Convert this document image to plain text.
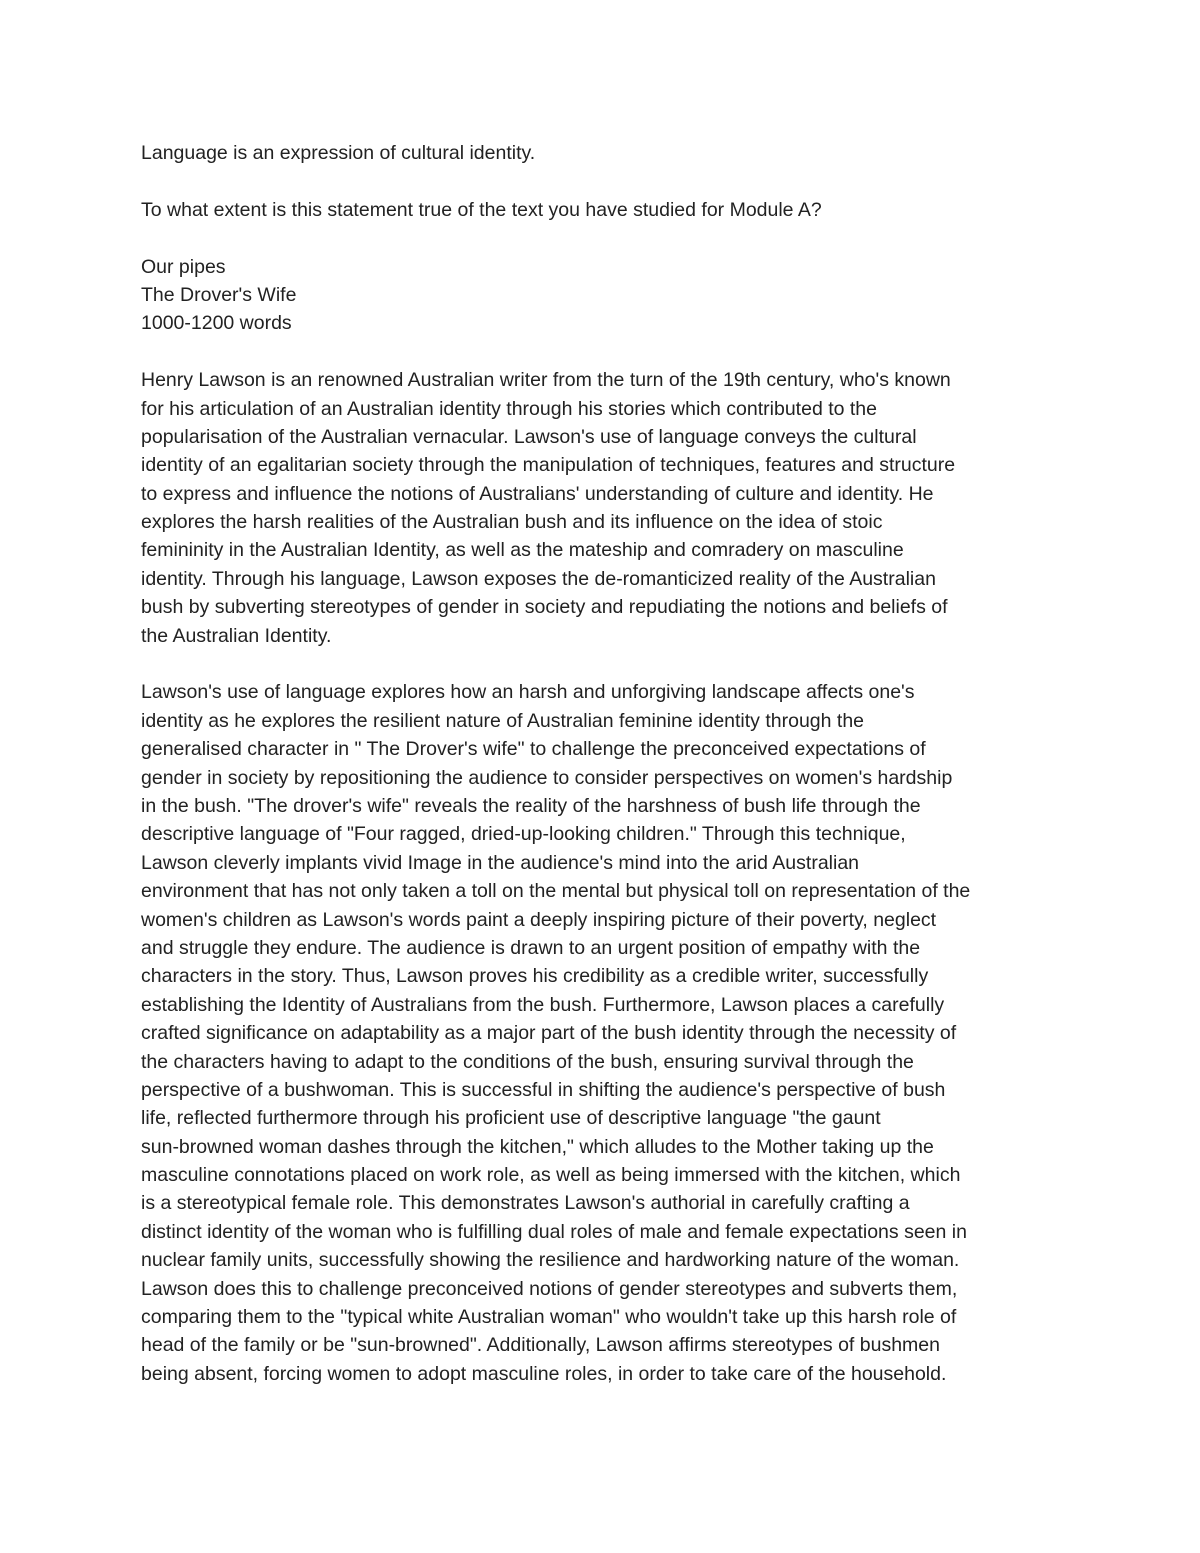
Language is an expression of cultural identity.
To what extent is this statement true of the text you have studied for Module A?
Our pipes
The Drover's Wife
1000-1200 words
Henry Lawson is an renowned Australian writer from the turn of the 19th century, who's known
for his articulation of an Australian identity through his stories which contributed to the
popularisation of the Australian vernacular. Lawson's use of language conveys the cultural
identity of an egalitarian society through the manipulation of techniques, features and structure
to express and influence the notions of Australians' understanding of culture and identity. He
explores the harsh realities of the Australian bush and its influence on the idea of stoic
femininity in the Australian Identity, as well as the mateship and comradery on masculine
identity. Through his language, Lawson exposes the de-romanticized reality of the Australian
bush by subverting stereotypes of gender in society and repudiating the notions and beliefs of
the Australian Identity.
Lawson's use of language explores how an harsh and unforgiving landscape affects one's
identity as he explores the resilient nature of Australian feminine identity through the
generalised character in " The Drover's wife" to challenge the preconceived expectations of
gender in society by repositioning the audience to consider perspectives on women's hardship
in the bush. "The drover's wife" reveals the reality of the harshness of bush life through the
descriptive language of "Four ragged, dried-up-looking children." Through this technique,
Lawson cleverly implants vivid Image in the audience's mind into the arid Australian
environment that has not only taken a toll on the mental but physical toll on representation of the
women's children as Lawson's words paint a deeply inspiring picture of their poverty, neglect
and struggle they endure. The audience is drawn to an urgent position of empathy with the
characters in the story. Thus, Lawson proves his credibility as a credible writer, successfully
establishing the Identity of Australians from the bush. Furthermore, Lawson places a carefully
crafted significance on adaptability as a major part of the bush identity through the necessity of
the characters having to adapt to the conditions of the bush, ensuring survival through the
perspective of a bushwoman. This is successful in shifting the audience's perspective of bush
life, reflected furthermore through his proficient use of descriptive language "the gaunt
sun-browned woman dashes through the kitchen," which alludes to the Mother taking up the
masculine connotations placed on work role, as well as being immersed with the kitchen, which
is a stereotypical female role. This demonstrates Lawson's authorial in carefully crafting a
distinct identity of the woman who is fulfilling dual roles of male and female expectations seen in
nuclear family units, successfully showing the resilience and hardworking nature of the woman.
Lawson does this to challenge preconceived notions of gender stereotypes and subverts them,
comparing them to the "typical white Australian woman" who wouldn't take up this harsh role of
head of the family or be "sun-browned". Additionally, Lawson affirms stereotypes of bushmen
being absent, forcing women to adopt masculine roles, in order to take care of the household.
